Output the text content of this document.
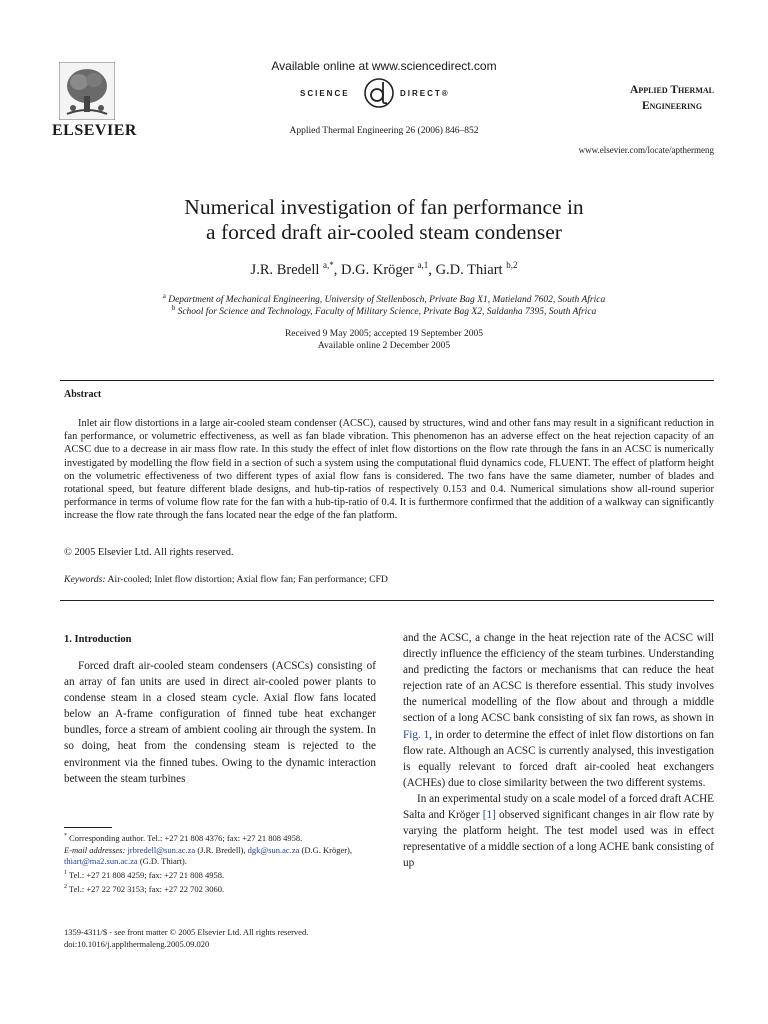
ELSEVIER
Available online at www.sciencedirect.com
SCIENCE	DIRECT®
Applied Thermal Engineering 26 (2006) 846–852
Applied Thermal
Engineering
www.elsevier.com/locate/apthermeng
Numerical investigation of fan performance in
a forced draft air-cooled steam condenser
J.R. Bredell $^{a,*}$, D.G. Kröger $^{a,1}$, G.D. Thiart $^{b,2}$
$^a$ Department of Mechanical Engineering, University of Stellenbosch, Private Bag X1, Matieland 7602, South Africa
$^b$ School for Science and Technology, Faculty of Military Science, Private Bag X2, Saldanha 7395, South Africa
Received 9 May 2005; accepted 19 September 2005
Available online 2 December 2005
Abstract

Inlet air flow distortions in a large air-cooled steam condenser (ACSC), caused by structures, wind and other fans may result in a significant reduction in fan performance, or volumetric effectiveness, as well as fan blade vibration. This phenomenon has an adverse effect on the heat rejection capacity of an ACSC due to a decrease in air mass flow rate. In this study the effect of inlet flow distortions on the flow rate through the fans in an ACSC is numerically investigated by modelling the flow field in a section of such a system using the computational fluid dynamics code, FLUENT. The effect of platform height on the volumetric effectiveness of two different types of axial flow fans is considered. The two fans have the same diameter, number of blades and rotational speed, but feature different blade designs, and hub-tip-ratios of respectively 0.153 and 0.4. Numerical simulations show all-round superior performance in terms of volume flow rate for the fan with a hub-tip-ratio of 0.4. It is furthermore confirmed that the addition of a walkway can significantly increase the flow rate through the fans located near the edge of the fan platform.

© 2005 Elsevier Ltd. All rights reserved.
Keywords: Air-cooled; Inlet flow distortion; Axial flow fan; Fan performance; CFD
1. Introduction

Forced draft air-cooled steam condensers (ACSCs) consisting of an array of fan units are used in direct air-cooled power plants to condense steam in a closed steam cycle. Axial flow fans located below an A-frame configuration of finned tube heat exchanger bundles, force a stream of ambient cooling air through the system. In so doing, heat from the condensing steam is rejected to the environment via the finned tubes. Owing to the dynamic interaction between the steam turbines

and the ACSC, a change in the heat rejection rate of the ACSC will directly influence the efficiency of the steam turbines. Understanding and predicting the factors or mechanisms that can reduce the heat rejection rate of an ACSC is therefore essential. This study involves the numerical modelling of the flow about and through a middle section of a long ACSC bank consisting of six fan rows, as shown in Fig. 1, in order to determine the effect of inlet flow distortions on fan flow rate. Although an ACSC is currently analysed, this investigation is equally relevant to forced draft air-cooled heat exchangers (ACHEs) due to close similarity between the two different systems.

In an experimental study on a scale model of a forced draft ACHE Salta and Kröger [1] observed significant changes in air flow rate by varying the platform height. The test model used was in effect representative of a middle section of a long ACHE bank consisting of up

* Corresponding author. Tel.: +27 21 808 4376; fax: +27 21 808 4958.

E-mail addresses: jrbredell@sun.ac.za (J.R. Bredell), dgk@sun.ac.za (D.G. Kröger), thiart@ma2.sun.ac.za (G.D. Thiart).

$^1$ Tel.: +27 21 808 4259; fax: +27 21 808 4958.

$^2$ Tel.: +27 22 702 3153; fax: +27 22 702 3060.

1359-4311/$ - see front matter © 2005 Elsevier Ltd. All rights reserved.
doi:10.1016/j.applthermaleng.2005.09.020
